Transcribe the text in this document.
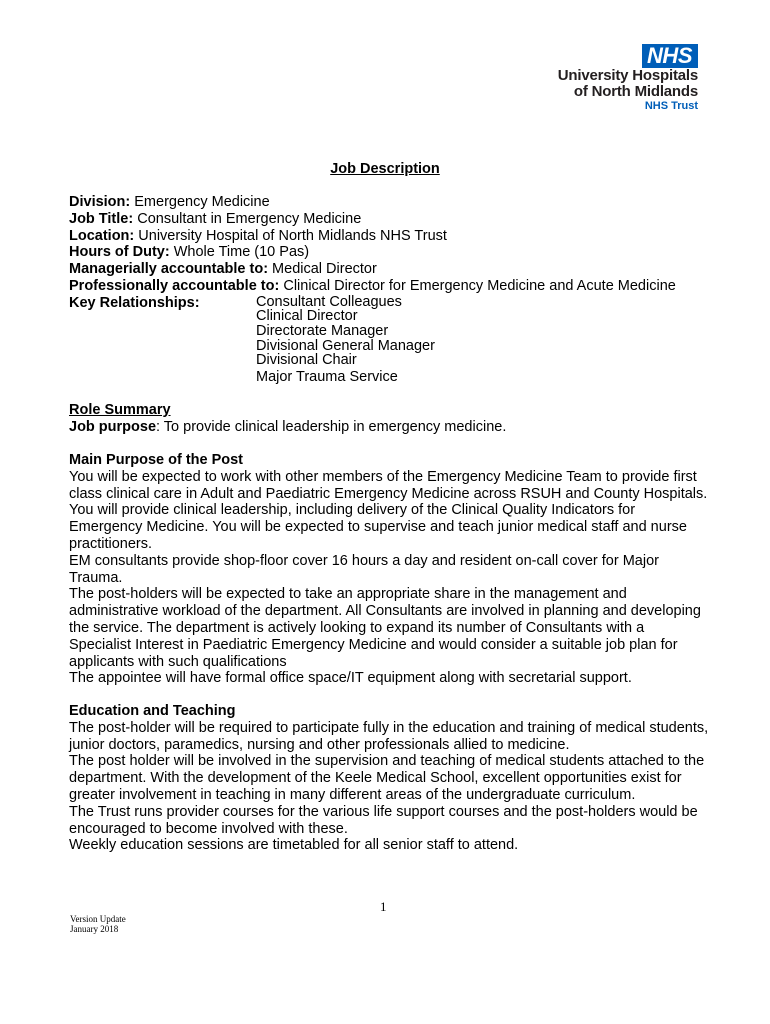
NHS
University Hospitals
of North Midlands
NHS Trust
Job Description

Division: Emergency Medicine

Job Title: Consultant in Emergency Medicine

Location: University Hospital of North Midlands NHS Trust

Hours of Duty: Whole Time (10 Pas)

Managerially accountable to: Medical Director

Professionally accountable to: Clinical Director for Emergency Medicine and Acute Medicine

Key Relationships:	Consultant Colleagues
Clinical Director
Directorate Manager
Divisional General Manager
Divisional Chair
Major Trauma Service

Role Summary

Job purpose: To provide clinical leadership in emergency medicine.

Main Purpose of the Post

You will be expected to work with other members of the Emergency Medicine Team to provide first class clinical care in Adult and Paediatric Emergency Medicine across RSUH and County Hospitals. You will provide clinical leadership, including delivery of the Clinical Quality Indicators for Emergency Medicine. You will be expected to supervise and teach junior medical staff and nurse practitioners.

EM consultants provide shop-floor cover 16 hours a day and resident on-call cover for Major Trauma.

The post-holders will be expected to take an appropriate share in the management and administrative workload of the department. All Consultants are involved in planning and developing the service. The department is actively looking to expand its number of Consultants with a Specialist Interest in Paediatric Emergency Medicine and would consider a suitable job plan for applicants with such qualifications

The appointee will have formal office space/IT equipment along with secretarial support.

Education and Teaching

The post-holder will be required to participate fully in the education and training of medical students, junior doctors, paramedics, nursing and other professionals allied to medicine.

The post holder will be involved in the supervision and teaching of medical students attached to the department. With the development of the Keele Medical School, excellent opportunities exist for greater involvement in teaching in many different areas of the undergraduate curriculum.

The Trust runs provider courses for the various life support courses and the post-holders would be encouraged to become involved with these.

Weekly education sessions are timetabled for all senior staff to attend.

1
Version Update
January 2018
